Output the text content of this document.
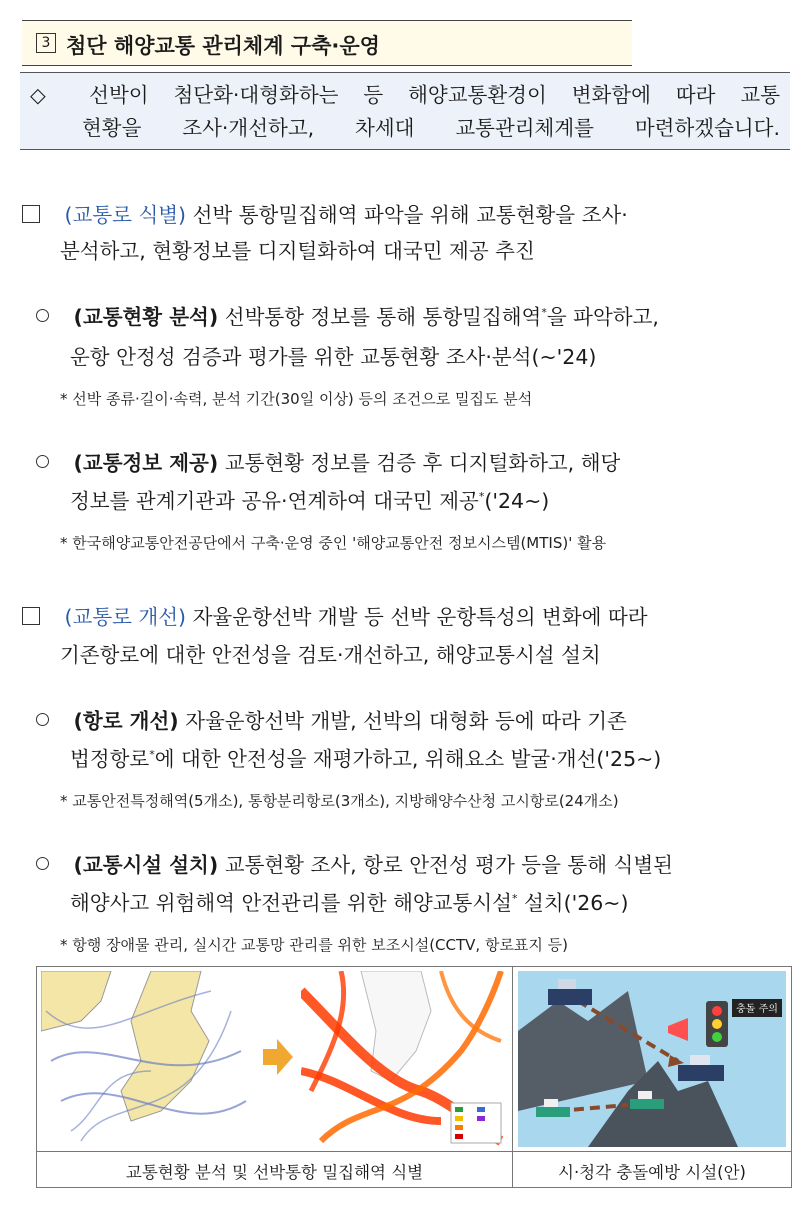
3 첨단 해양교통 관리체계 구축·운영
◇ 선박이 첨단화·대형화하는 등 해양교통환경이 변화함에 따라 교통
현황을 조사·개선하고, 차세대 교통관리체계를 마련하겠습니다.
(교통로 식별) 선박 통항밀집해역 파악을 위해 교통현황을 조사·
분석하고, 현황정보를 디지털화하여 대국민 제공 추진
(교통현황 분석) 선박통항 정보를 통해 통항밀집해역*을 파악하고,
운항 안정성 검증과 평가를 위한 교통현황 조사·분석(~'24)
* 선박 종류·길이·속력, 분석 기간(30일 이상) 등의 조건으로 밀집도 분석
(교통정보 제공) 교통현황 정보를 검증 후 디지털화하고, 해당
정보를 관계기관과 공유·연계하여 대국민 제공*('24~)
* 한국해양교통안전공단에서 구축·운영 중인 '해양교통안전 정보시스템(MTIS)' 활용
(교통로 개선) 자율운항선박 개발 등 선박 운항특성의 변화에 따라
기존항로에 대한 안전성을 검토·개선하고, 해양교통시설 설치
(항로 개선) 자율운항선박 개발, 선박의 대형화 등에 따라 기존
법정항로*에 대한 안전성을 재평가하고, 위해요소 발굴·개선('25~)
* 교통안전특정해역(5개소), 통항분리항로(3개소), 지방해양수산청 고시항로(24개소)
(교통시설 설치) 교통현황 조사, 항로 안전성 평가 등을 통해 식별된
해양사고 위험해역 안전관리를 위한 해양교통시설* 설치('26~)
* 항행 장애물 관리, 실시간 교통망 관리를 위한 보조시설(CCTV, 항로표지 등)
충돌 주의
교통현황 분석 및 선박통항 밀집해역 식별	시·청각 충돌예방 시설(안)
